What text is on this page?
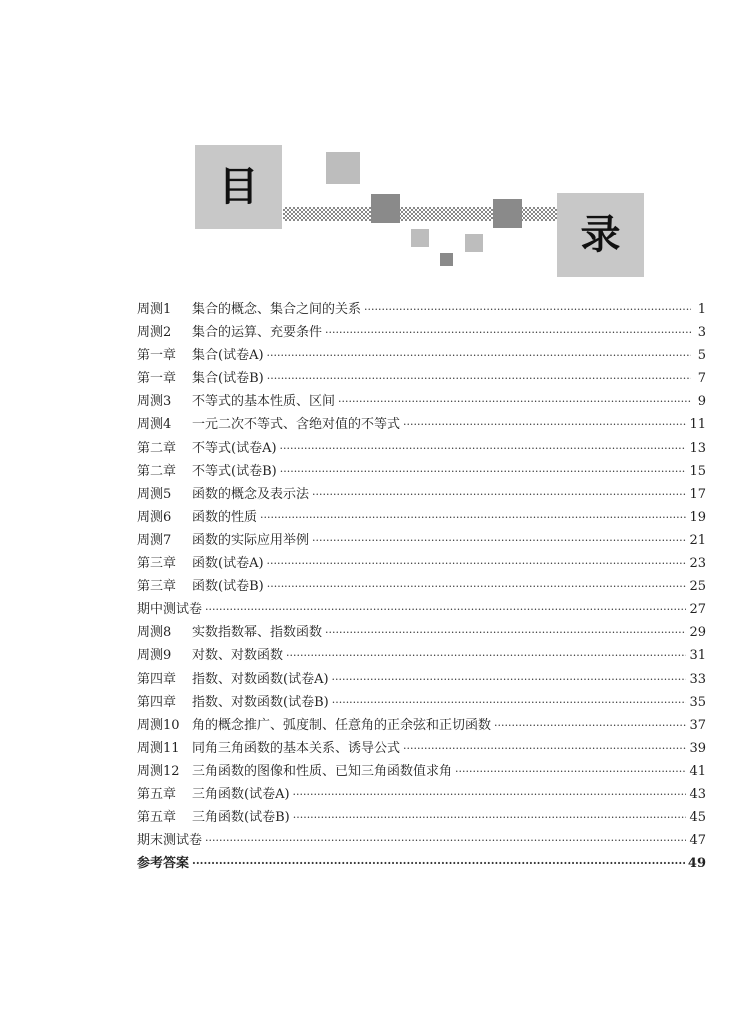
目
录
周测1	集合的概念、集合之间的关系 ·····	1
周测2	集合的运算、充要条件 ·····	3
第一章	集合(试卷A) ·····	5
第一章	集合(试卷B) ·····	7
周测3	不等式的基本性质、区间 ·····	9
周测4	一元二次不等式、含绝对值的不等式 ·····	11
第二章	不等式(试卷A) ·····	13
第二章	不等式(试卷B) ·····	15
周测5	函数的概念及表示法 ·····	17
周测6	函数的性质 ·····	19
周测7	函数的实际应用举例 ·····	21
第三章	函数(试卷A) ·····	23
第三章	函数(试卷B) ·····	25
期中测试卷 ·····	27
周测8	实数指数幂、指数函数 ·····	29
周测9	对数、对数函数 ·····	31
第四章	指数、对数函数(试卷A) ·····	33
第四章	指数、对数函数(试卷B) ·····	35
周测10 角的概念推广、弧度制、任意角的正余弦和正切函数 ·····	37
周测11 同角三角函数的基本关系、诱导公式 ·····	39
周测12 三角函数的图像和性质、已知三角函数值求角 ·····	41
第五章	三角函数(试卷A) ·····	43
第五章	三角函数(试卷B) ·····	45
期末测试卷 ·····	47
参考答案 ·····	49
